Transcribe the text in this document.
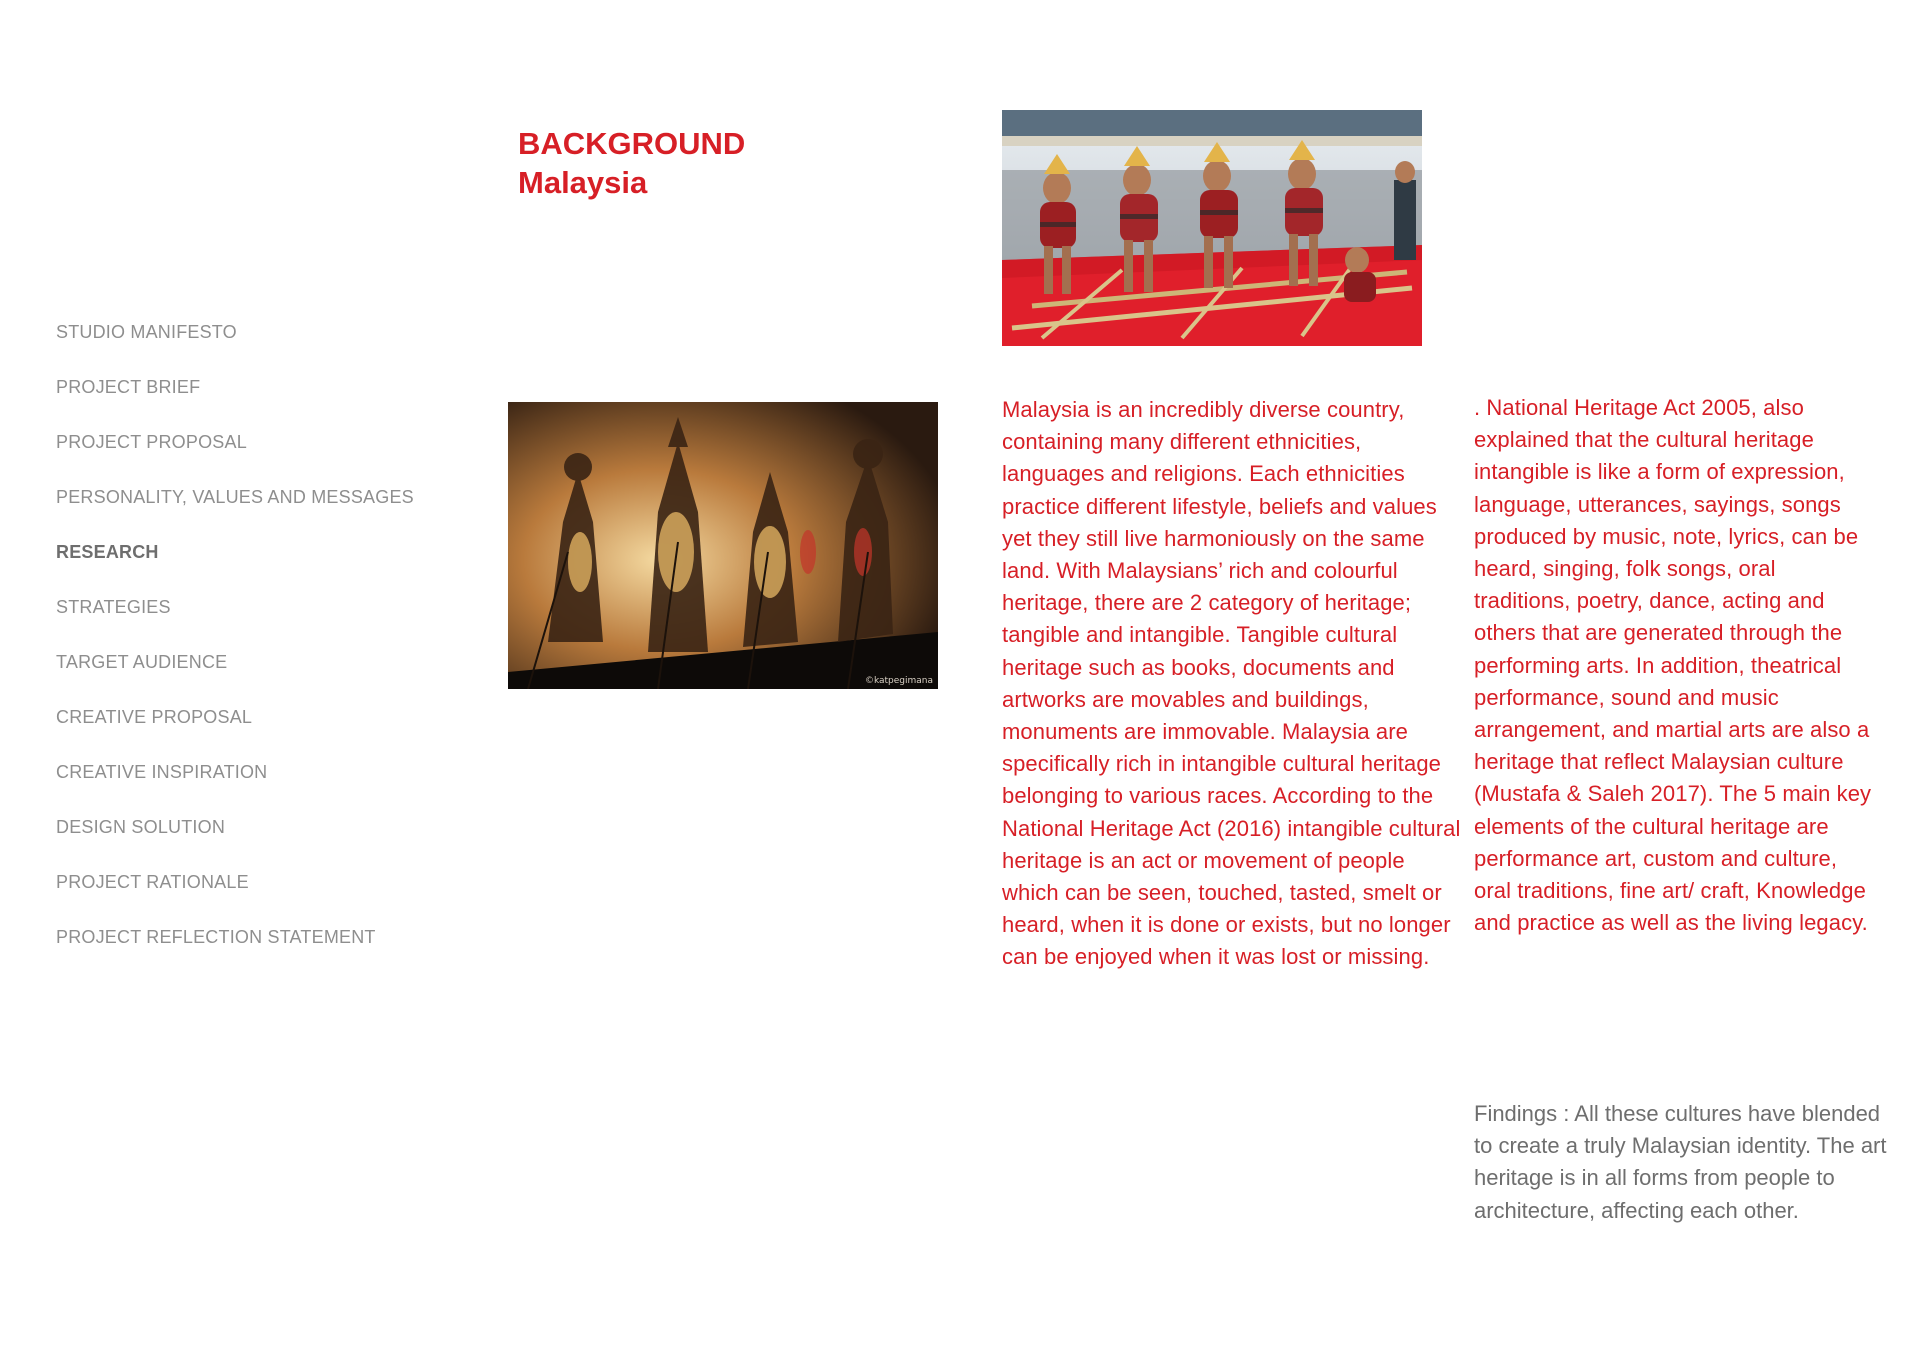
STUDIO MANIFESTO
PROJECT BRIEF
PROJECT PROPOSAL
PERSONALITY, VALUES AND MESSAGES
RESEARCH
STRATEGIES
TARGET AUDIENCE
CREATIVE PROPOSAL
CREATIVE INSPIRATION
DESIGN SOLUTION
PROJECT RATIONALE
PROJECT REFLECTION STATEMENT
BACKGROUND
Malaysia
©katpegimana

Malaysia is an incredibly diverse country, containing many different ethnicities, languages and religions. Each ethnicities practice different lifestyle, beliefs and values yet they still live harmoniously on the same land. With Malaysians’ rich and colourful heritage, there are 2 category of heritage; tangible and intangible. Tangible cultural heritage such as books, documents and artworks are movables and buildings, monuments are immovable. Malaysia are specifically rich in intangible cultural heritage belonging to various races. According to the National Heritage Act (2016) intangible cultural heritage is an act or movement of people which can be seen, touched, tasted, smelt or heard, when it is done or exists, but no longer can be enjoyed when it was lost or missing.

. National Heritage Act 2005, also explained that the cultural heritage intangible is like a form of expression, language, utterances, sayings, songs produced by music, note, lyrics, can be heard, singing, folk songs, oral traditions, poetry, dance, acting and others that are generated through the performing arts. In addition, theatrical performance, sound and music arrangement, and martial arts are also a heritage that reflect Malaysian culture (Mustafa & Saleh 2017). The 5 main key elements of the cultural heritage are performance art, custom and culture, oral traditions, fine art/ craft, Knowledge and practice as well as the living legacy.

Findings : All these cultures have blended to create a truly Malaysian identity. The art heritage is in all forms from people to architecture, affecting each other.
